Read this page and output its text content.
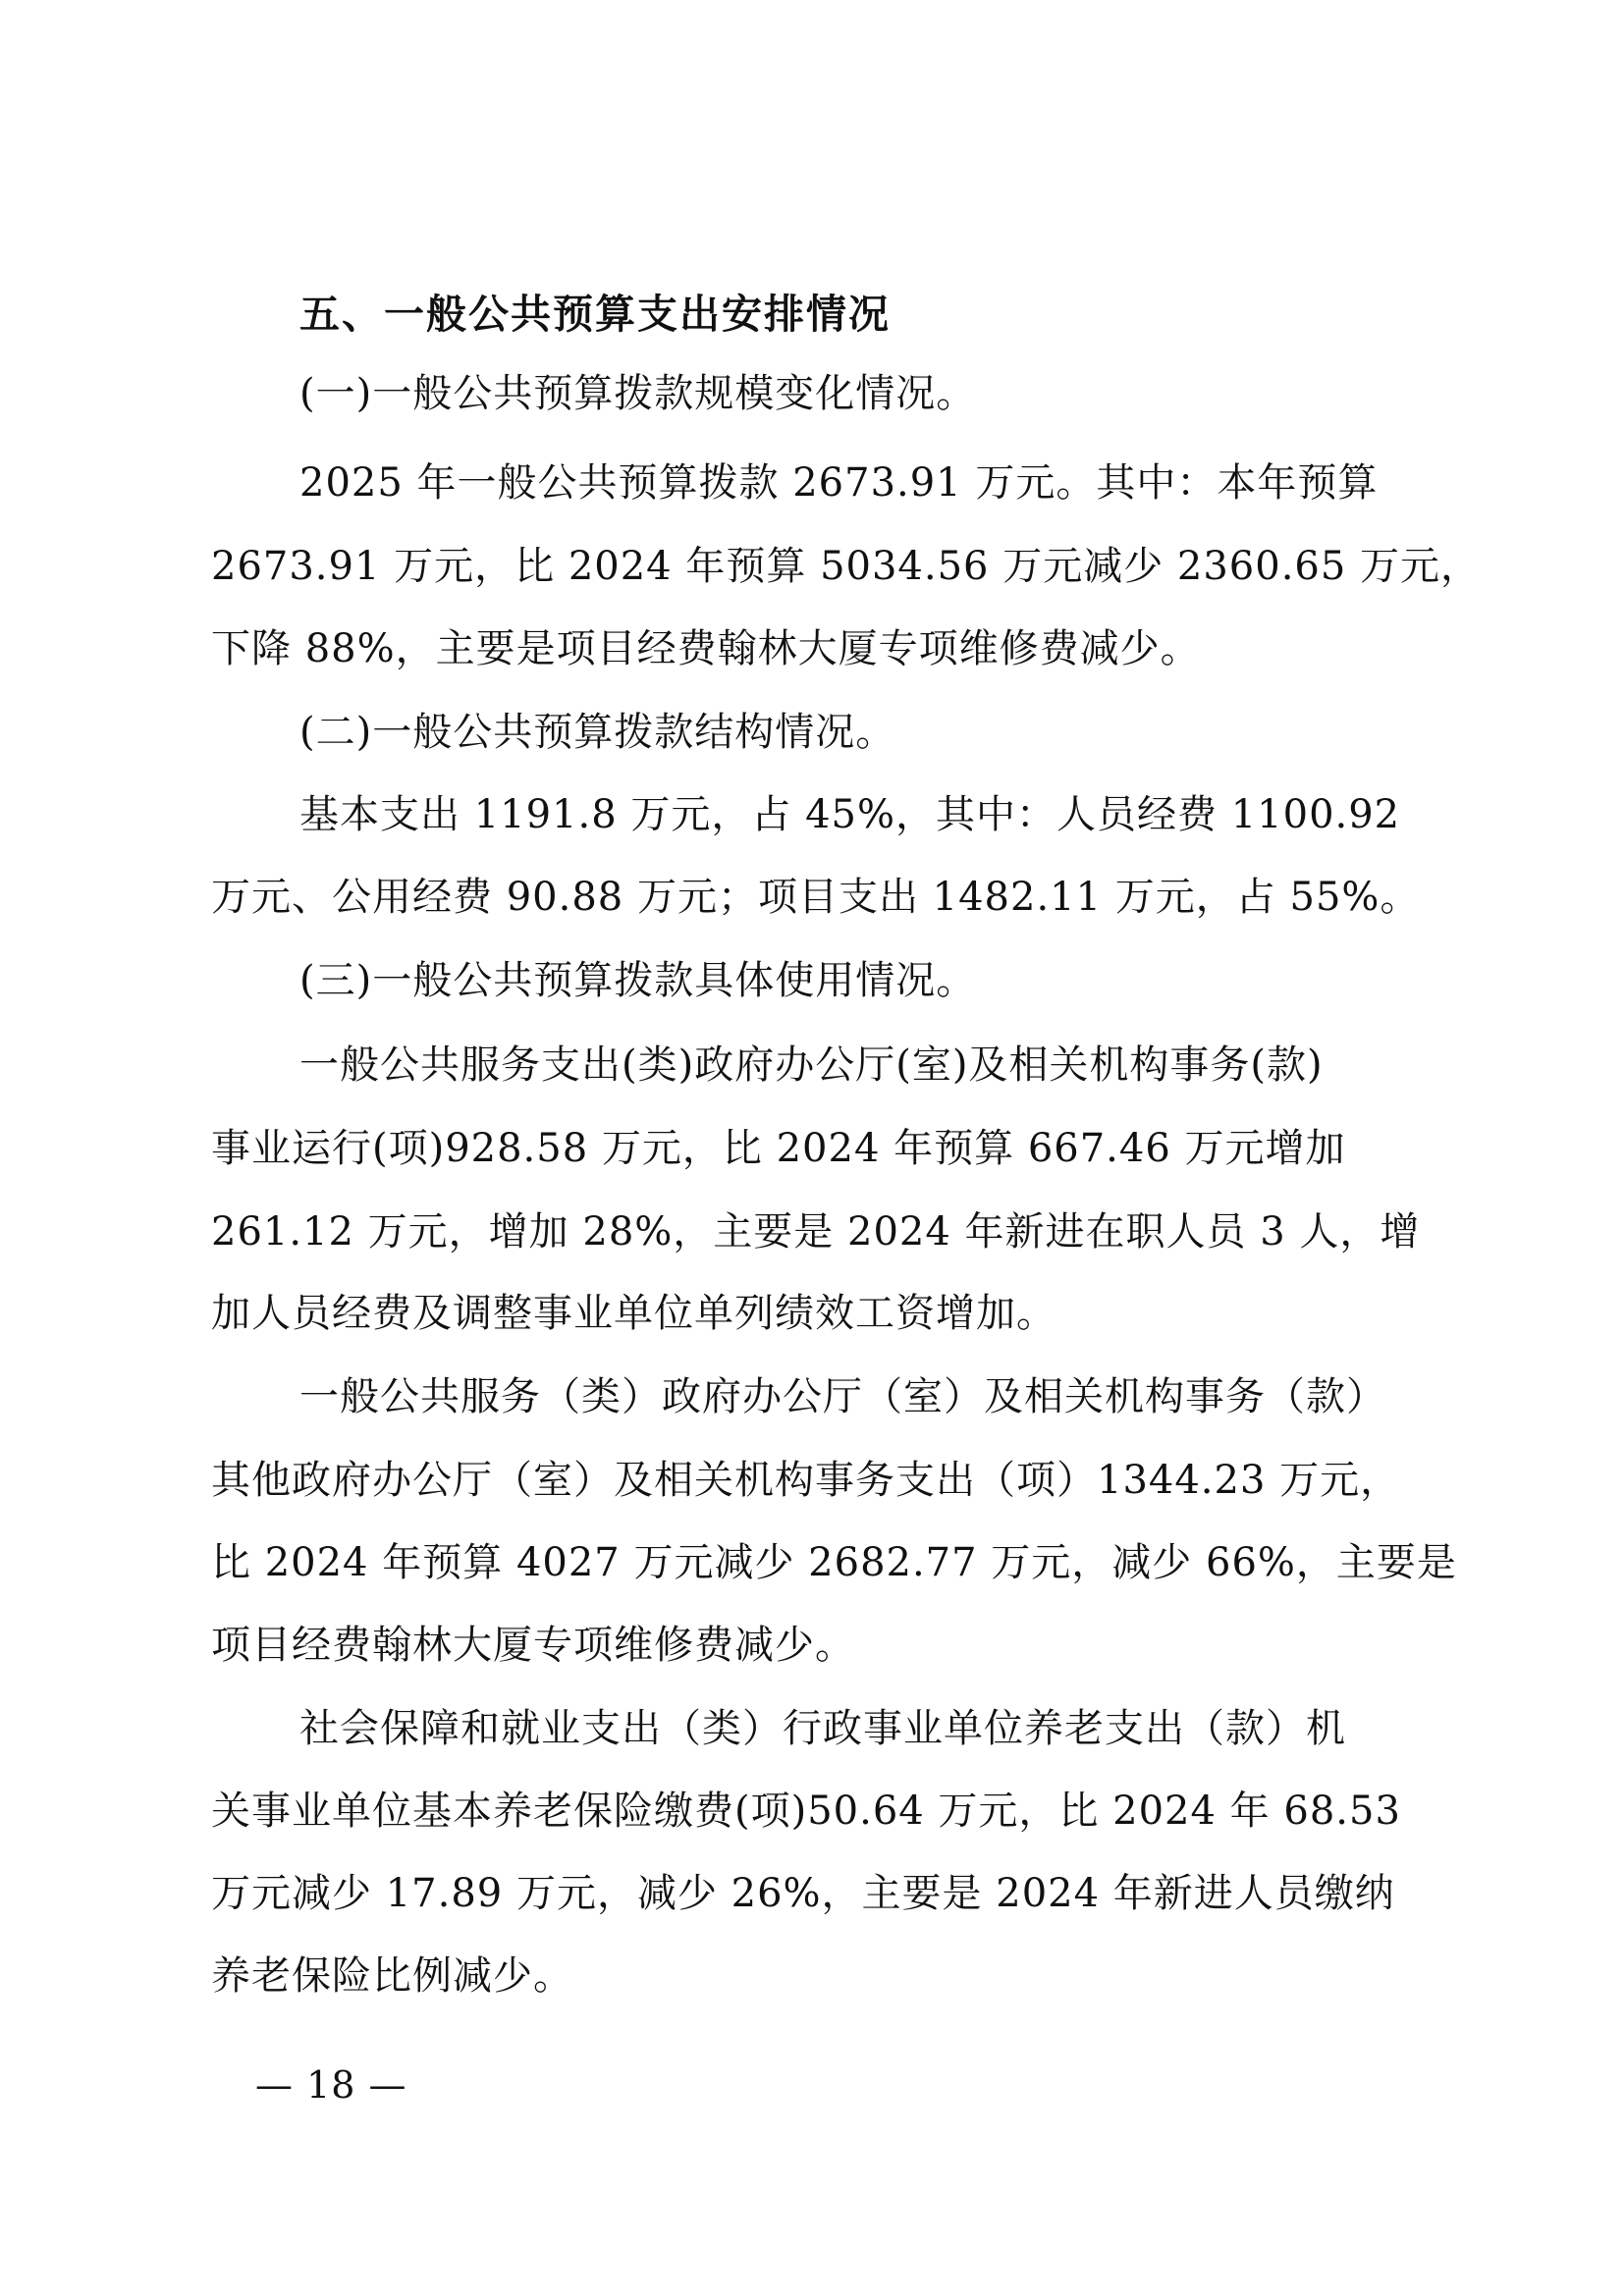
五、一般公共预算支出安排情况
(一)一般公共预算拨款规模变化情况。
2025 年一般公共预算拨款 2673.91 万元。其中：本年预算
2673.91 万元，比 2024 年预算 5034.56 万元减少 2360.65 万元，
下降 88%，主要是项目经费翰林大厦专项维修费减少。
(二)一般公共预算拨款结构情况。
基本支出 1191.8 万元，占 45%，其中：人员经费 1100.92
万元、公用经费 90.88 万元；项目支出 1482.11 万元，占 55%。
(三)一般公共预算拨款具体使用情况。
一般公共服务支出(类)政府办公厅(室)及相关机构事务(款)
事业运行(项)928.58 万元，比 2024 年预算 667.46 万元增加
261.12 万元，增加 28%，主要是 2024 年新进在职人员 3 人，增
加人员经费及调整事业单位单列绩效工资增加。
一般公共服务（类）政府办公厅（室）及相关机构事务（款）
其他政府办公厅（室）及相关机构事务支出（项）1344.23 万元，
比 2024 年预算 4027 万元减少 2682.77 万元，减少 66%，主要是
项目经费翰林大厦专项维修费减少。
社会保障和就业支出（类）行政事业单位养老支出（款）机
关事业单位基本养老保险缴费(项)50.64 万元，比 2024 年 68.53
万元减少 17.89 万元，减少 26%，主要是 2024 年新进人员缴纳
养老保险比例减少。
— 18 —
